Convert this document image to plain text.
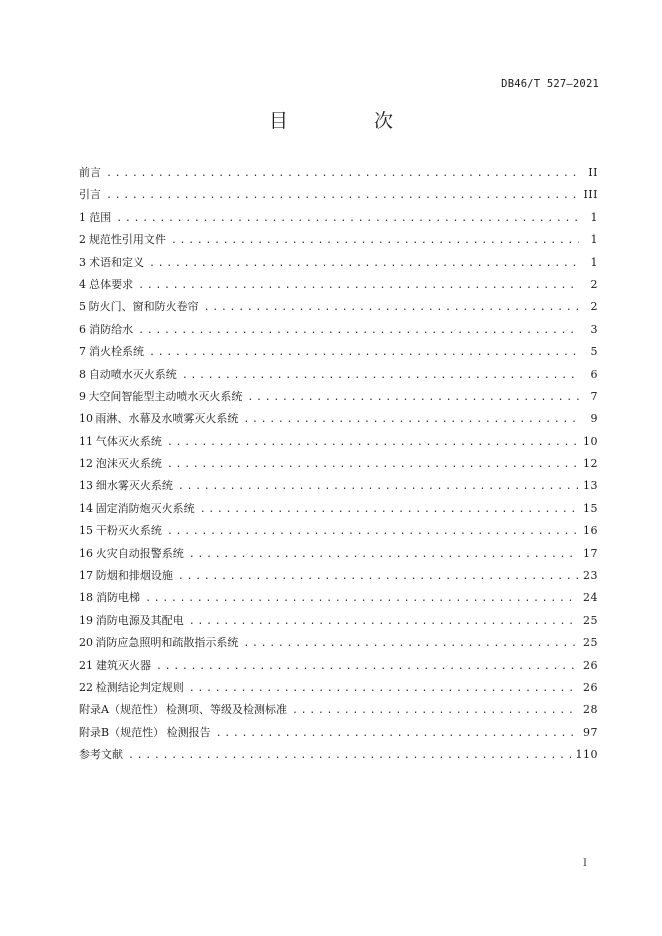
DB46/T 527—2021
目 次
前言 .....	II
引言 .....	III
1 范围 .....	1
2 规范性引用文件 .....	1
3 术语和定义 .....	1
4 总体要求 .....	2
5 防火门、窗和防火卷帘 .....	2
6 消防给水 .....	3
7 消火栓系统 .....	5
8 自动喷水灭火系统 .....	6
9 大空间智能型主动喷水灭火系统 .....	7
10 雨淋、水幕及水喷雾灭火系统 .....	9
11 气体灭火系统 .....	10
12 泡沫灭火系统 .....	12
13 细水雾灭火系统 .....	13
14 固定消防炮灭火系统 .....	15
15 干粉灭火系统 .....	16
16 火灾自动报警系统 .....	17
17 防烟和排烟设施 .....	23
18 消防电梯 .....	24
19 消防电源及其配电 .....	25
20 消防应急照明和疏散指示系统 .....	25
21 建筑灭火器 .....	26
22 检测结论判定规则 .....	26
附录A（规范性） 检测项、等级及检测标准 .....	28
附录B（规范性） 检测报告 .....	97
参考文献 .....	110
I
